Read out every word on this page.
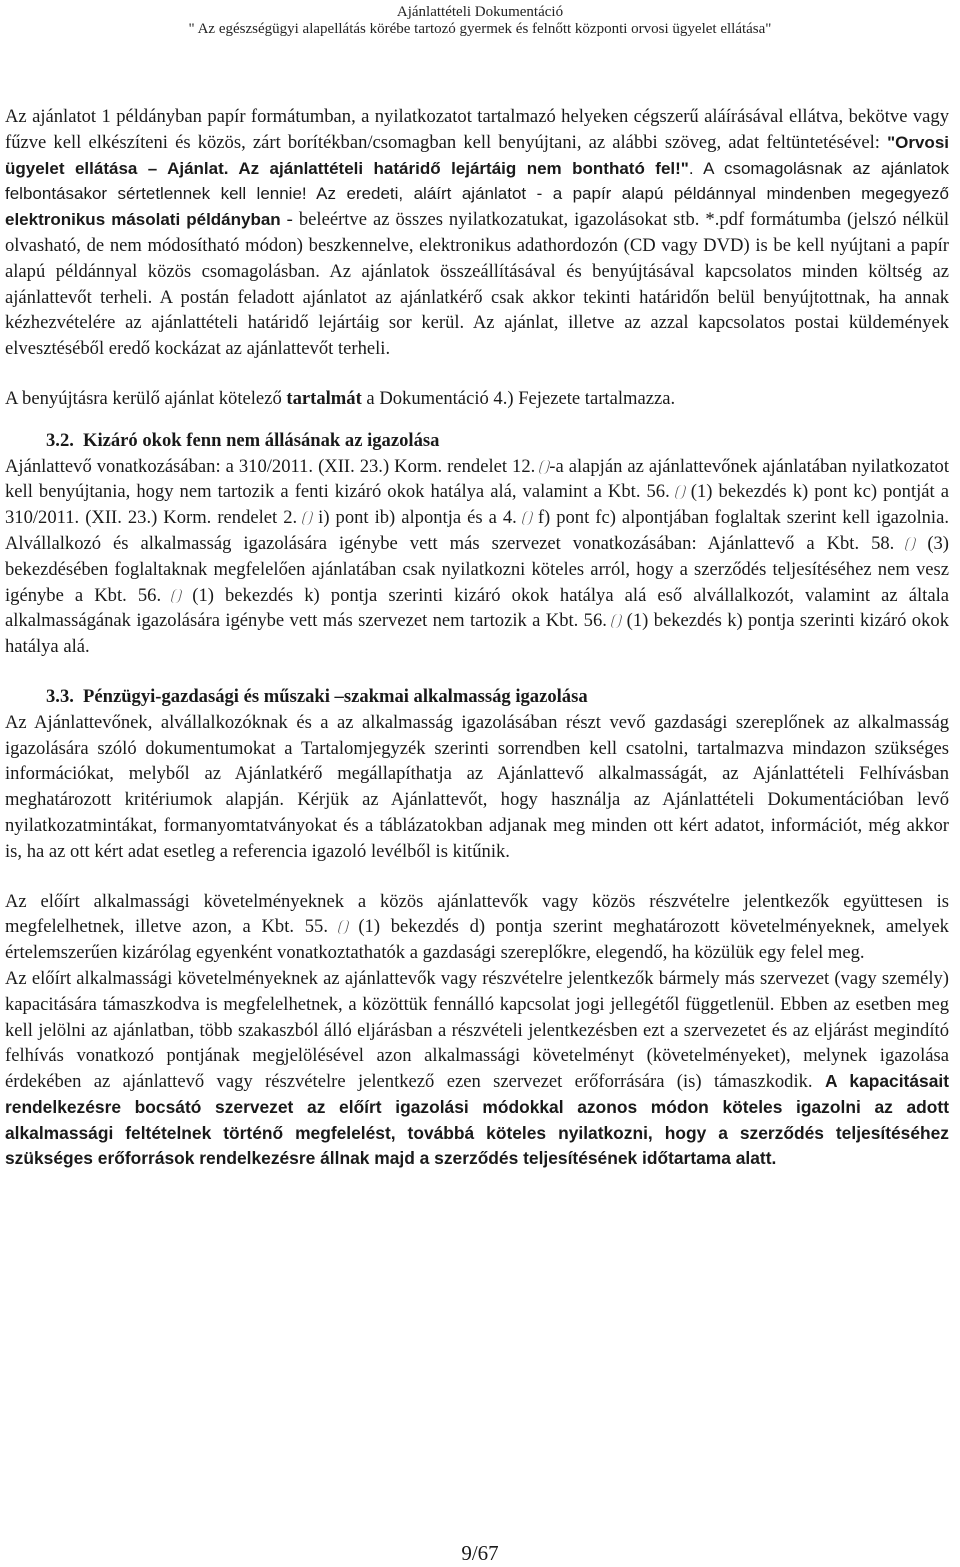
Ajánlattételi Dokumentáció
" Az egészségügyi alapellátás körébe tartozó gyermek és felnőtt központi orvosi ügyelet ellátása"

Az ajánlatot 1 példányban papír formátumban, a nyilatkozatot tartalmazó helyeken cégszerű aláírásával ellátva, bekötve vagy fűzve kell elkészíteni és közös, zárt borítékban/csomagban kell benyújtani, az alábbi szöveg, adat feltüntetésével: "Orvosi ügyelet ellátása – Ajánlat. Az ajánlattételi határidő lejártáig nem bontható fel!". A csomagolásnak az ajánlatok felbontásakor sértetlennek kell lennie! Az eredeti, aláírt ajánlatot - a papír alapú példánnyal mindenben megegyező elektronikus másolati példányban - beleértve az összes nyilatkozatukat, igazolásokat stb. *.pdf formátumba (jelszó nélkül olvasható, de nem módosítható módon) beszkennelve, elektronikus adathordozón (CD vagy DVD) is be kell nyújtani a papír alapú példánnyal közös csomagolásban. Az ajánlatok összeállításával és benyújtásával kapcsolatos minden költség az ajánlattevőt terheli. A postán feladott ajánlatot az ajánlatkérő csak akkor tekinti határidőn belül benyújtottnak, ha annak kézhezvételére az ajánlattételi határidő lejártáig sor kerül. Az ajánlat, illetve az azzal kapcsolatos postai küldemények elvesztéséből eredő kockázat az ajánlattevőt terheli.

A benyújtásra kerülő ajánlat kötelező tartalmát a Dokumentáció 4.) Fejezete tartalmazza.

3.2. Kizáró okok fenn nem állásának az igazolása

Ajánlattevő vonatkozásában: a 310/2011. (XII. 23.) Korm. rendelet 12. -a alapján az ajánlattevőnek ajánlatában nyilatkozatot kell benyújtania, hogy nem tartozik a fenti kizáró okok hatálya alá, valamint a Kbt. 56.  (1) bekezdés k) pont kc) pontját a 310/2011. (XII. 23.) Korm. rendelet 2.  i) pont ib) alpontja és a 4.  f) pont fc) alpontjában foglaltak szerint kell igazolnia. Alvállalkozó és alkalmasság igazolására igénybe vett más szervezet vonatkozásában: Ajánlattevő a Kbt. 58.  (3) bekezdésében foglaltaknak megfelelően ajánlatában csak nyilatkozni köteles arról, hogy a szerződés teljesítéséhez nem vesz igénybe a Kbt. 56.  (1) bekezdés k) pontja szerinti kizáró okok hatálya alá eső alvállalkozót, valamint az általa alkalmasságának igazolására igénybe vett más szervezet nem tartozik a Kbt. 56.  (1) bekezdés k) pontja szerinti kizáró okok hatálya alá.

3.3. Pénzügyi-gazdasági és műszaki –szakmai alkalmasság igazolása

Az Ajánlattevőnek, alvállalkozóknak és a az alkalmasság igazolásában részt vevő gazdasági szereplőnek az alkalmasság igazolására szóló dokumentumokat a Tartalomjegyzék szerinti sorrendben kell csatolni, tartalmazva mindazon szükséges információkat, melyből az Ajánlatkérő megállapíthatja az Ajánlattevő alkalmasságát, az Ajánlattételi Felhívásban meghatározott kritériumok alapján. Kérjük az Ajánlattevőt, hogy használja az Ajánlattételi Dokumentációban levő nyilatkozatmintákat, formanyomtatványokat és a táblázatokban adjanak meg minden ott kért adatot, információt, még akkor is, ha az ott kért adat esetleg a referencia igazoló levélből is kitűnik.

Az előírt alkalmassági követelményeknek a közös ajánlattevők vagy közös részvételre jelentkezők együttesen is megfelelhetnek, illetve azon, a Kbt. 55.  (1) bekezdés d) pontja szerint meghatározott követelményeknek, amelyek értelemszerűen kizárólag egyenként vonatkoztathatók a gazdasági szereplőkre, elegendő, ha közülük egy felel meg.

Az előírt alkalmassági követelményeknek az ajánlattevők vagy részvételre jelentkezők bármely más szervezet (vagy személy) kapacitására támaszkodva is megfelelhetnek, a közöttük fennálló kapcsolat jogi jellegétől függetlenül. Ebben az esetben meg kell jelölni az ajánlatban, több szakaszból álló eljárásban a részvételi jelentkezésben ezt a szervezetet és az eljárást megindító felhívás vonatkozó pontjának megjelölésével azon alkalmassági követelményt (követelményeket), melynek igazolása érdekében az ajánlattevő vagy részvételre jelentkező ezen szervezet erőforrására (is) támaszkodik. A kapacitásait rendelkezésre bocsátó szervezet az előírt igazolási módokkal azonos módon köteles igazolni az adott alkalmassági feltételnek történő megfelelést, továbbá köteles nyilatkozni, hogy a szerződés teljesítéséhez szükséges erőforrások rendelkezésre állnak majd a szerződés teljesítésének időtartama alatt.

9/67
